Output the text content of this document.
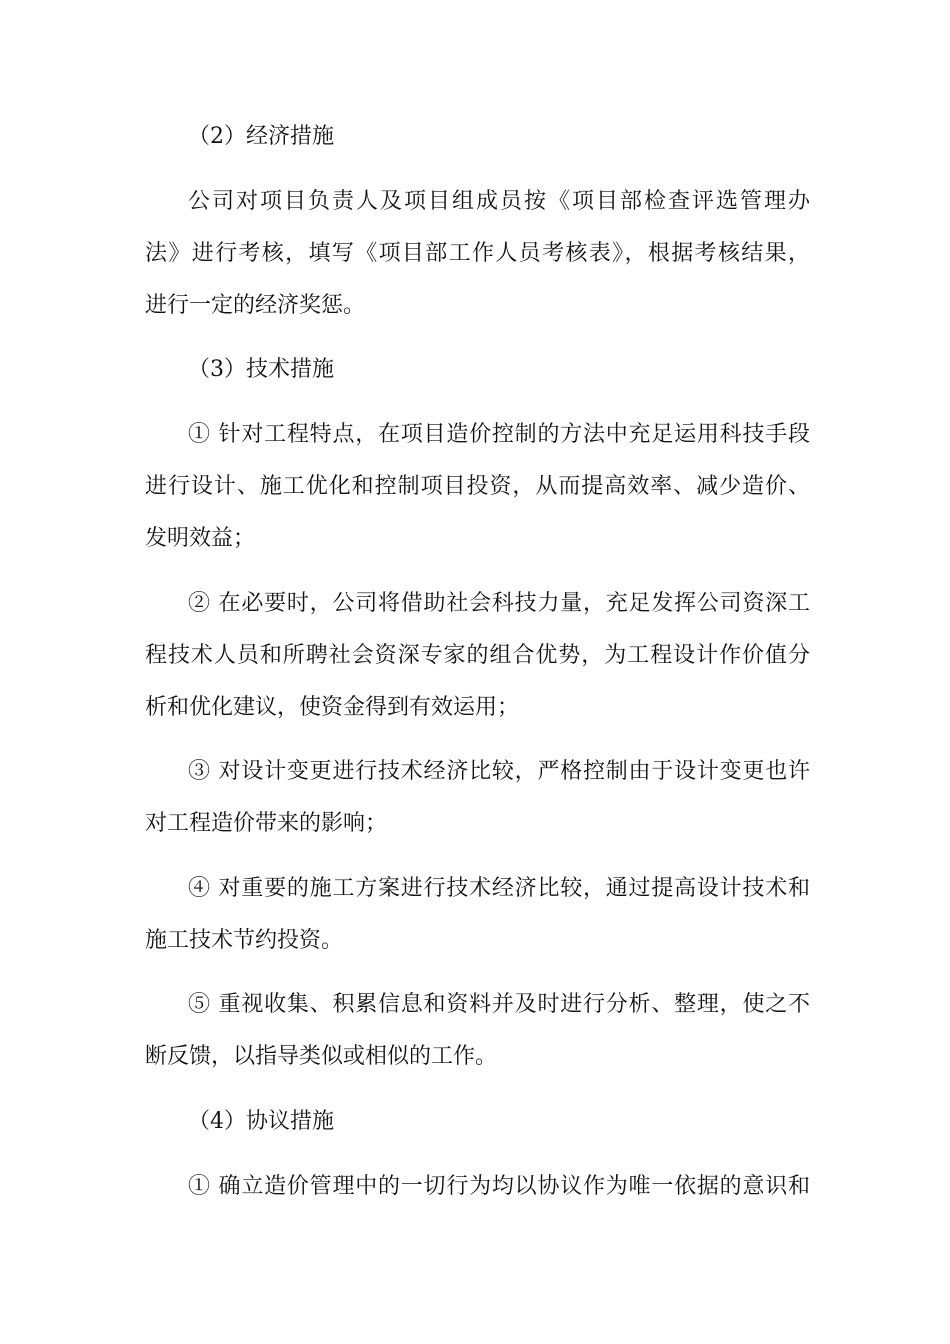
（2）经济措施
公司对项目负责人及项目组成员按《项目部检查评选管理办
法》进行考核，填写《项目部工作人员考核表》，根据考核结果，
进行一定的经济奖惩。
（3）技术措施
① 针对工程特点，在项目造价控制的方法中充足运用科技手段
进行设计、施工优化和控制项目投资，从而提高效率、减少造价、
发明效益；
② 在必要时，公司将借助社会科技力量，充足发挥公司资深工
程技术人员和所聘社会资深专家的组合优势，为工程设计作价值分
析和优化建议，使资金得到有效运用；
③ 对设计变更进行技术经济比较，严格控制由于设计变更也许
对工程造价带来的影响；
④ 对重要的施工方案进行技术经济比较，通过提高设计技术和
施工技术节约投资。
⑤ 重视收集、积累信息和资料并及时进行分析、整理，使之不
断反馈，以指导类似或相似的工作。
（4）协议措施
① 确立造价管理中的一切行为均以协议作为唯一依据的意识和
